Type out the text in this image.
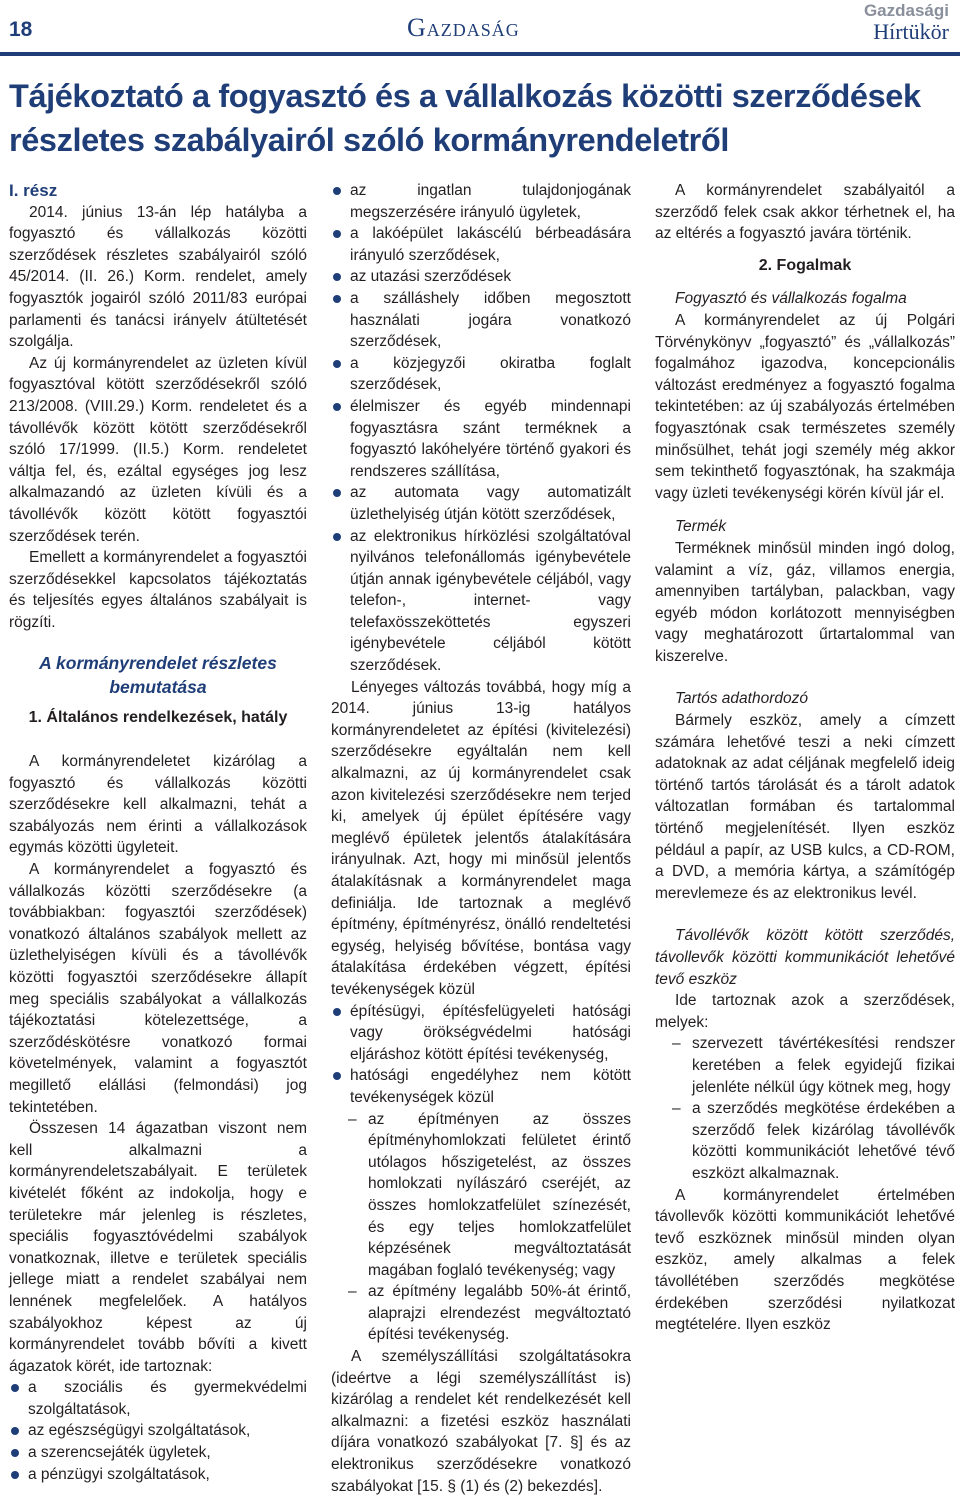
18	Gazdaság
Gazdasági
Hírtükör
Tájékoztató a fogyasztó és a vállalkozás közötti szerződések részletes szabályairól szóló kormányrendeletről

I. rész

2014. június 13-án lép hatályba a fogyasztó és vállalkozás közötti szerződések részletes szabályairól szóló 45/2014. (II. 26.) Korm. rendelet, amely fogyasztók jogairól szóló 2011/83 európai parlamenti és tanácsi irányelv átültetését szolgálja.

Az új kormányrendelet az üzleten kívül fogyasztóval kötött szerződésekről szóló 213/2008. (VIII.29.) Korm. rendeletet és a távollévők között kötött szerződésekről szóló 17/1999. (II.5.) Korm. rendeletet váltja fel, és, ezáltal egységes jog lesz alkalmazandó az üzleten kívüli és a távollévők között kötött fogyasztói szerződések terén.

Emellett a kormányrendelet a fogyasztói szerződésekkel kapcsolatos tájékoztatás és teljesítés egyes általános szabályait is rögzíti.

A kormányrendelet részletes bemutatása
1. Általános rendelkezések, hatály

A kormányrendeletet kizárólag a fogyasztó és vállalkozás közötti szerződésekre kell alkalmazni, tehát a szabályozás nem érinti a vállalkozások egymás közötti ügyleteit.

A kormányrendelet a fogyasztó és vállalkozás közötti szerződésekre (a továbbiakban: fogyasztói szerződések) vonatkozó általános szabályok mellett az üzlethelyiségen kívüli és a távollévők közötti fogyasztói szerződésekre állapít meg speciális szabályokat a vállalkozás tájékoztatási kötelezettsége, a szerződéskötésre vonatkozó formai követelmények, valamint a fogyasztót megillető elállási (felmondási) jog tekintetében.

Összesen 14 ágazatban viszont nem kell alkalmazni a kormányrendeletszabályait. E területek kivételét főként az indokolja, hogy e területekre már jelenleg is részletes, speciális fogyasztóvédelmi szabályok vonatkoznak, illetve e területek speciális jellege miatt a rendelet szabályai nem lennének megfelelőek. A hatályos szabályokhoz képest az új kormányrendelet tovább bővíti a kivett ágazatok körét, ide tartoznak:

a szociális és gyermekvédelmi szolgáltatások,
az egészségügyi szolgáltatások,
a szerencsejáték ügyletek,
a pénzügyi szolgáltatások,
az ingatlan tulajdonjogának megszerzésére irányuló ügyletek,
a lakóépület lakáscélú bérbeadására irányuló szerződések,
az utazási szerződések
a szálláshely időben megosztott használati jogára vonatkozó szerződések,
a közjegyzői okiratba foglalt szerződések,
élelmiszer és egyéb mindennapi fogyasztásra szánt terméknek a fogyasztó lakóhelyére történő gyakori és rendszeres szállítása,
az automata vagy automatizált üzlethelyiség útján kötött szerződések,
az elektronikus hírközlési szolgáltatóval nyilvános telefonállomás igénybevétele útján annak igénybevétele céljából, vagy telefon-, internet- vagy telefaxösszeköttetés egyszeri igénybevétele céljából kötött szerződések.

Lényeges változás továbbá, hogy míg a 2014. június 13-ig hatályos kormányrendeletet az építési (kivitelezési) szerződésekre egyáltalán nem kell alkalmazni, az új kormányrendelet csak azon kivitelezési szerződésekre nem terjed ki, amelyek új épület építésére vagy meglévő épületek jelentős átalakítására irányulnak. Azt, hogy mi minősül jelentős átalakításnak a kormányrendelet maga definiálja. Ide tartoznak a meglévő építmény, építményrész, önálló rendeltetési egység, helyiség bővítése, bontása vagy átalakítása érdekében végzett, építési tevékenységek közül

építésügyi, építésfelügyeleti hatósági vagy örökségvédelmi hatósági eljáráshoz kötött építési tevékenység,
hatósági engedélyhez nem kötött tevékenységek közül
– az építményen az összes építményhomlokzati felületet érintő utólagos hőszigetelést, az összes homlokzati nyílászáró cseréjét, az összes homlokzatfelület színezését, és egy teljes homlokzatfelület képzésének megváltoztatását magában foglaló tevékenység; vagy
– az építmény legalább 50%-át érintő, alaprajzi elrendezést megváltoztató építési tevékenység.

A személyszállítási szolgáltatásokra (ideértve a légi személyszállítást is) kizárólag a rendelet két rendelkezését kell alkalmazni: a fizetési eszköz használati díjára vonatkozó szabályokat [7. §] és az elektronikus szerződésekre vonatkozó szabályokat [15. § (1) és (2) bekezdés].

A kormányrendelet szabályaitól a szerződő felek csak akkor térhetnek el, ha az eltérés a fogyasztó javára történik.

2. Fogalmak

Fogyasztó és vállalkozás fogalma

A kormányrendelet az új Polgári Törvénykönyv „fogyasztó” és „vállalkozás” fogalmához igazodva, koncepcionális változást eredményez a fogyasztó fogalma tekintetében: az új szabályozás értelmében fogyasztónak csak természetes személy minősülhet, tehát jogi személy még akkor sem tekinthető fogyasztónak, ha szakmája vagy üzleti tevékenységi körén kívül jár el.

Termék

Terméknek minősül minden ingó dolog, valamint a víz, gáz, villamos energia, amennyiben tartályban, palackban, vagy egyéb módon korlátozott mennyiségben vagy meghatározott űrtartalommal van kiszerelve.

Tartós adathordozó

Bármely eszköz, amely a címzett számára lehetővé teszi a neki címzett adatoknak az adat céljának megfelelő ideig történő tartós tárolását és a tárolt adatok változatlan formában és tartalommal történő megjelenítését. Ilyen eszköz például a papír, az USB kulcs, a CD-ROM, a DVD, a memória kártya, a számítógép merevlemeze és az elektronikus levél.

Távollévők között kötött szerződés, távollevők közötti kommunikációt lehetővé tevő eszköz

Ide tartoznak azok a szerződések, melyek:

– szervezett távértékesítési rendszer keretében a felek egyidejű fizikai jelenléte nélkül úgy kötnek meg, hogy
– a szerződés megkötése érdekében a szerződő felek kizárólag távollévők közötti kommunikációt lehetővé tévő eszközt alkalmaznak.

A kormányrendelet értelmében távollevők közötti kommunikációt lehetővé tevő eszköznek minősül minden olyan eszköz, amely alkalmas a felek távollétében szerződés megkötése érdekében szerződési nyilatkozat megtételére. Ilyen eszköz
